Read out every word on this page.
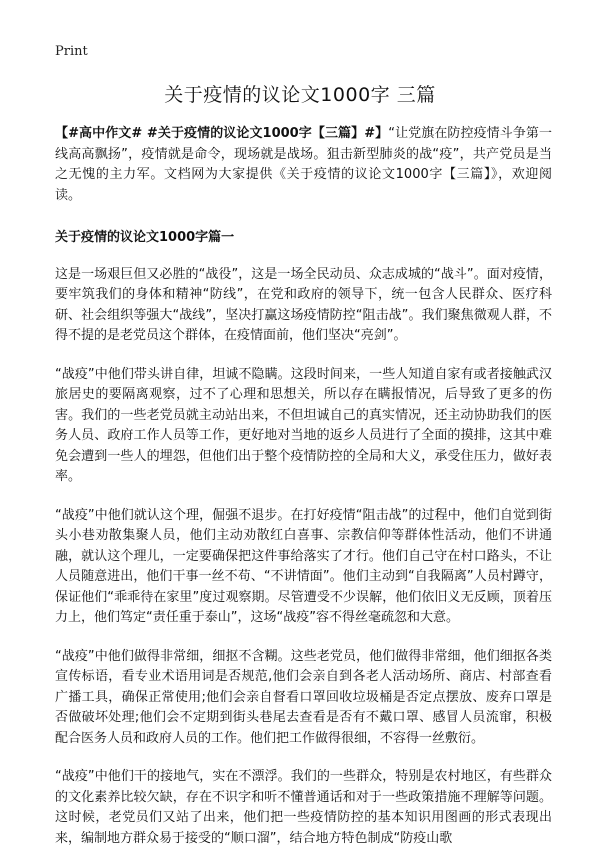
Print
关于疫情的议论文1000字 三篇

【#高中作文# #关于疫情的议论文1000字【三篇】#】“让党旗在防控疫情斗争第一线高高飘扬”，疫情就是命令，现场就是战场。狙击新型肺炎的战“疫”，共产党员是当之无愧的主力军。文档网为大家提供《关于疫情的议论文1000字【三篇】》，欢迎阅读。

关于疫情的议论文1000字篇一

这是一场艰巨但又必胜的“战役”，这是一场全民动员、众志成城的“战斗”。面对疫情，要牢筑我们的身体和精神“防线”，在党和政府的领导下，统一包含人民群众、医疗科研、社会组织等强大“战线”，坚决打赢这场疫情防控“阻击战”。我们聚焦微观人群，不得不提的是老党员这个群体，在疫情面前，他们坚决“亮剑”。

“战疫”中他们带头讲自律，坦诚不隐瞒。这段时间来，一些人知道自家有或者接触武汉旅居史的要隔离观察，过不了心理和思想关，所以存在瞒报情况，后导致了更多的伤害。我们的一些老党员就主动站出来，不但坦诚自己的真实情况，还主动协助我们的医务人员、政府工作人员等工作，更好地对当地的返乡人员进行了全面的摸排，这其中难免会遭到一些人的埋怨，但他们出于整个疫情防控的全局和大义，承受住压力，做好表率。

“战疫”中他们就认这个理，倔强不退步。在打好疫情“阻击战”的过程中，他们自觉到街头小巷劝散集聚人员，他们主动劝散红白喜事、宗教信仰等群体性活动，他们不讲通融，就认这个理儿，一定要确保把这件事给落实了才行。他们自己守在村口路头，不让人员随意进出，他们干事一丝不苟、“不讲情面”。他们主动到“自我隔离”人员村蹲守，保证他们“乖乖待在家里”度过观察期。尽管遭受不少误解，他们依旧义无反顾，顶着压力上，他们笃定“责任重于泰山”，这场“战疫”容不得丝毫疏忽和大意。

“战疫”中他们做得非常细，细抠不含糊。这些老党员，他们做得非常细，他们细抠各类宣传标语，看专业术语用词是否规范,他们会亲自到各老人活动场所、商店、村部查看广播工具，确保正常使用;他们会亲自督看口罩回收垃圾桶是否定点摆放、废弃口罩是否做破坏处理;他们会不定期到街头巷尾去查看是否有不戴口罩、感冒人员流窜，积极配合医务人员和政府人员的工作。他们把工作做得很细，不容得一丝敷衍。

“战疫”中他们干的接地气，实在不漂浮。我们的一些群众，特别是农村地区，有些群众的文化素养比较欠缺，存在不识字和听不懂普通话和对于一些政策措施不理解等问题。这时候，老党员们又站了出来，他们把一些疫情防控的基本知识用图画的形式表现出来，编制地方群众易于接受的“顺口溜”，结合地方特色制成“防疫山歌
